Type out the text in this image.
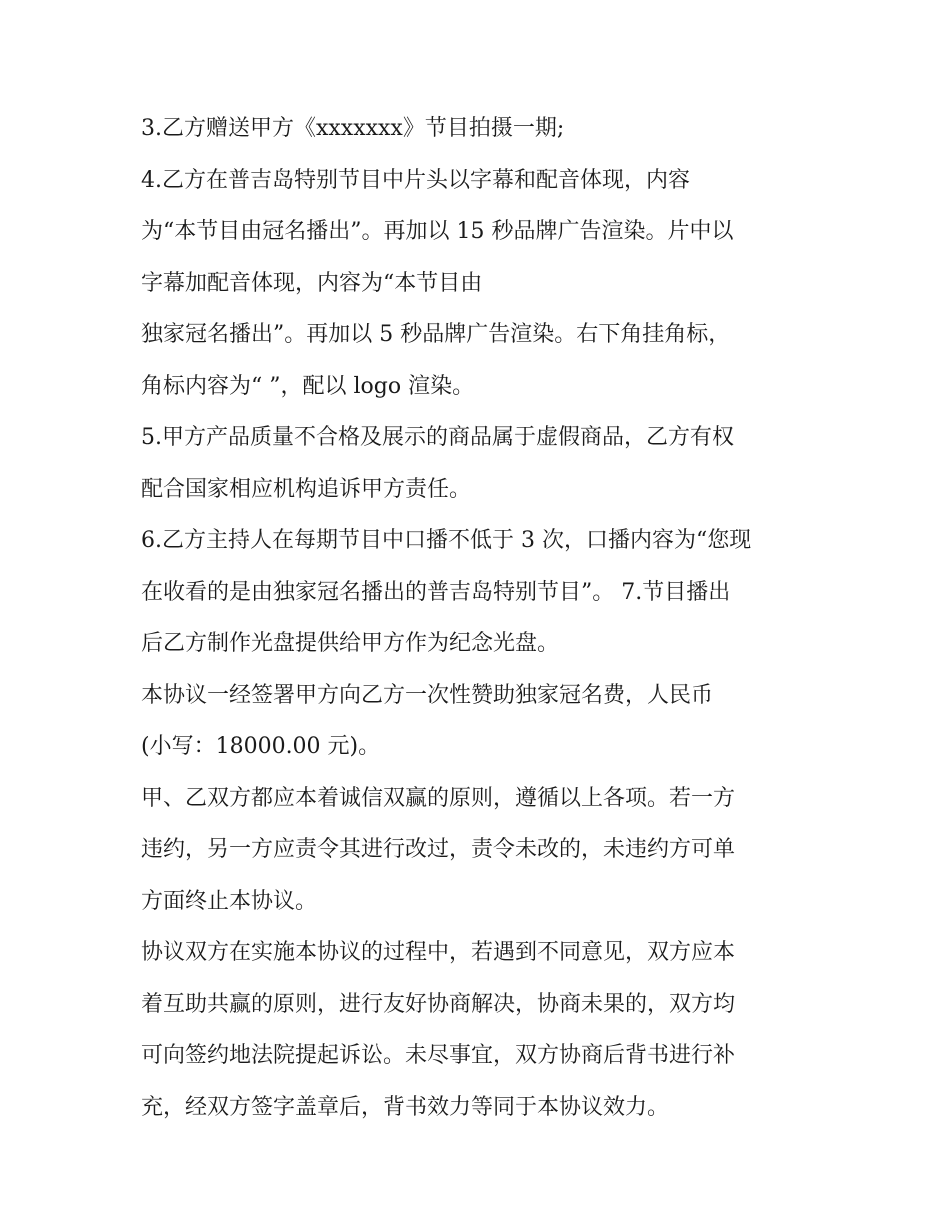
3.乙方赠送甲方《xxxxxxx》节目拍摄一期;
4.乙方在普吉岛特别节目中片头以字幕和配音体现，内容
为“本节目由冠名播出”。再加以 15 秒品牌广告渲染。片中以
字幕加配音体现，内容为“本节目由
独家冠名播出”。再加以 5 秒品牌广告渲染。右下角挂角标，
角标内容为“ ”，配以 logo 渲染。
5.甲方产品质量不合格及展示的商品属于虚假商品，乙方有权
配合国家相应机构追诉甲方责任。
6.乙方主持人在每期节目中口播不低于 3 次，口播内容为“您现
在收看的是由独家冠名播出的普吉岛特别节目”。 7.节目播出
后乙方制作光盘提供给甲方作为纪念光盘。
本协议一经签署甲方向乙方一次性赞助独家冠名费，人民币
(小写：18000.00 元)。
甲、乙双方都应本着诚信双赢的原则，遵循以上各项。若一方
违约，另一方应责令其进行改过，责令未改的，未违约方可单
方面终止本协议。
协议双方在实施本协议的过程中，若遇到不同意见，双方应本
着互助共赢的原则，进行友好协商解决，协商未果的，双方均
可向签约地法院提起诉讼。未尽事宜，双方协商后背书进行补
充，经双方签字盖章后，背书效力等同于本协议效力。
